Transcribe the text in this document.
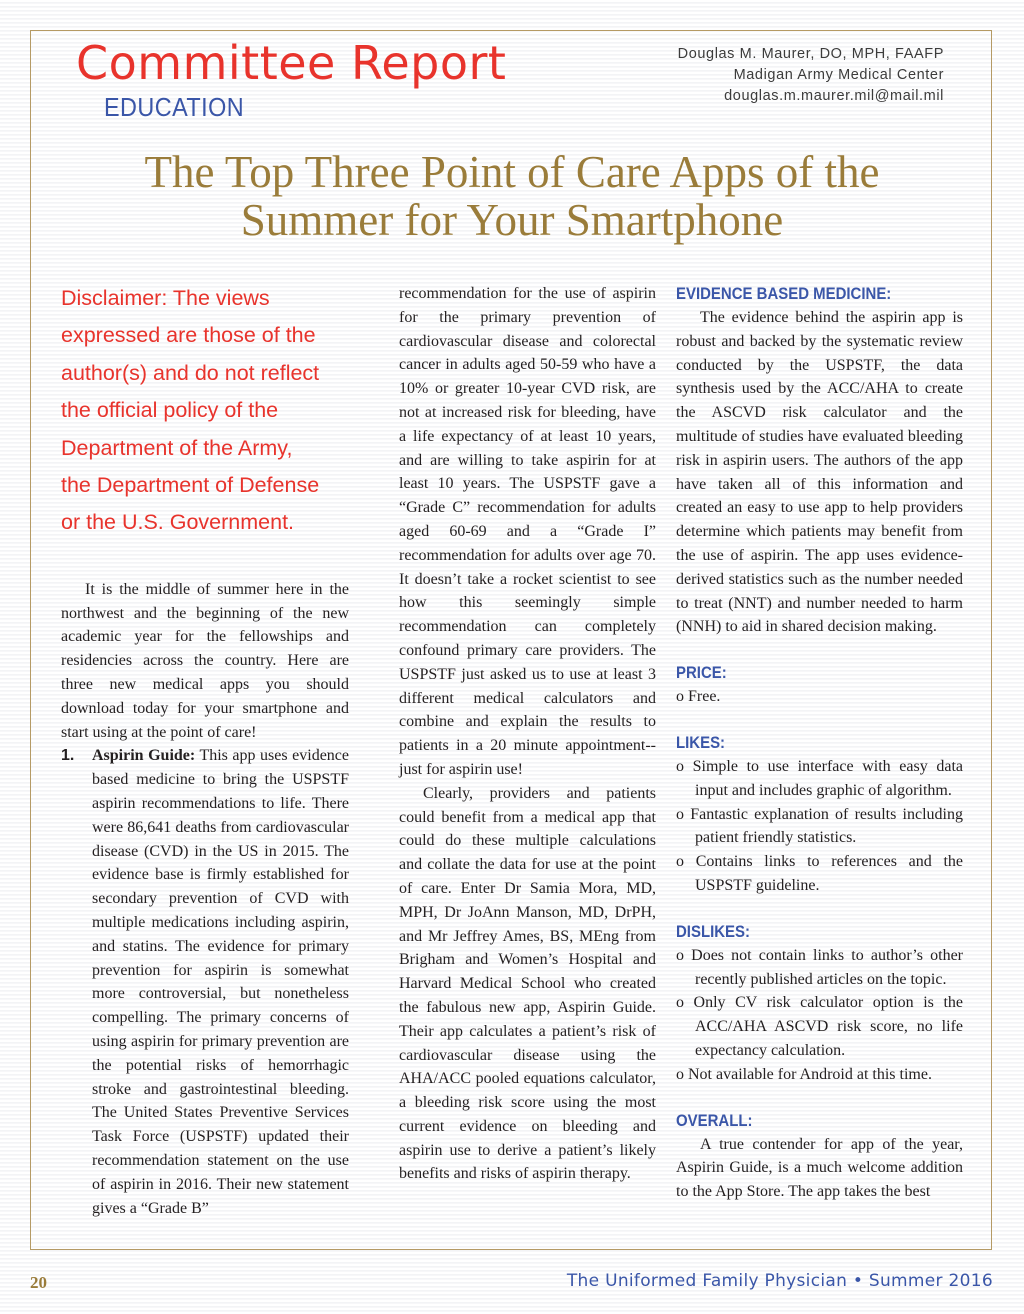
Committee Report
EDUCATION
Douglas M. Maurer, DO, MPH, FAAFP
Madigan Army Medical Center
douglas.m.maurer.mil@mail.mil
The Top Three Point of Care Apps of the
Summer for Your Smartphone
Disclaimer: The views
expressed are those of the
author(s) and do not reflect
the official policy of the
Department of the Army,
the Department of Defense
or the U.S. Government.

It is the middle of summer here in the northwest and the beginning of the new academic year for the fellowships and residencies across the country. Here are three new medical apps you should download today for your smartphone and start using at the point of care!

1. Aspirin Guide: This app uses evidence based medicine to bring the USPSTF aspirin recommendations to life. There were 86,641 deaths from cardiovascular disease (CVD) in the US in 2015. The evidence base is firmly established for secondary prevention of CVD with multiple medications including aspirin, and statins. The evidence for primary prevention for aspirin is somewhat more controversial, but nonetheless compelling. The primary concerns of using aspirin for primary prevention are the potential risks of hemorrhagic stroke and gastrointestinal bleeding. The United States Preventive Services Task Force (USPSTF) updated their recommendation statement on the use of aspirin in 2016. Their new statement gives a “Grade B”

recommendation for the use of aspirin for the primary prevention of cardiovascular disease and colorectal cancer in adults aged 50-59 who have a 10% or greater 10-year CVD risk, are not at increased risk for bleeding, have a life expectancy of at least 10 years, and are willing to take aspirin for at least 10 years. The USPSTF gave a “Grade C” recommendation for adults aged 60-69 and a “Grade I” recommendation for adults over age 70. It doesn’t take a rocket scientist to see how this seemingly simple recommendation can completely confound primary care providers. The USPSTF just asked us to use at least 3 different medical calculators and combine and explain the results to patients in a 20 minute appointment--just for aspirin use!

Clearly, providers and patients could benefit from a medical app that could do these multiple calculations and collate the data for use at the point of care. Enter Dr Samia Mora, MD, MPH, Dr JoAnn Manson, MD, DrPH, and Mr Jeffrey Ames, BS, MEng from Brigham and Women’s Hospital and Harvard Medical School who created the fabulous new app, Aspirin Guide. Their app calculates a patient’s risk of cardiovascular disease using the AHA/ACC pooled equations calculator, a bleeding risk score using the most current evidence on bleeding and aspirin use to derive a patient’s likely benefits and risks of aspirin therapy.

EVIDENCE BASED MEDICINE:

The evidence behind the aspirin app is robust and backed by the systematic review conducted by the USPSTF, the data synthesis used by the ACC/AHA to create the ASCVD risk calculator and the multitude of studies have evaluated bleeding risk in aspirin users. The authors of the app have taken all of this information and created an easy to use app to help providers determine which patients may benefit from the use of aspirin. The app uses evidence-derived statistics such as the number needed to treat (NNT) and number needed to harm (NNH) to aid in shared decision making.

PRICE:

o Free.

LIKES:

o Simple to use interface with easy data input and includes graphic of algorithm.

o Fantastic explanation of results including patient friendly statistics.

o Contains links to references and the USPSTF guideline.

DISLIKES:

o Does not contain links to author’s other recently published articles on the topic.

o Only CV risk calculator option is the ACC/AHA ASCVD risk score, no life expectancy calculation.

o Not available for Android at this time.

OVERALL:

A true contender for app of the year, Aspirin Guide, is a much welcome addition to the App Store. The app takes the best

20	The Uniformed Family Physician • Summer 2016
